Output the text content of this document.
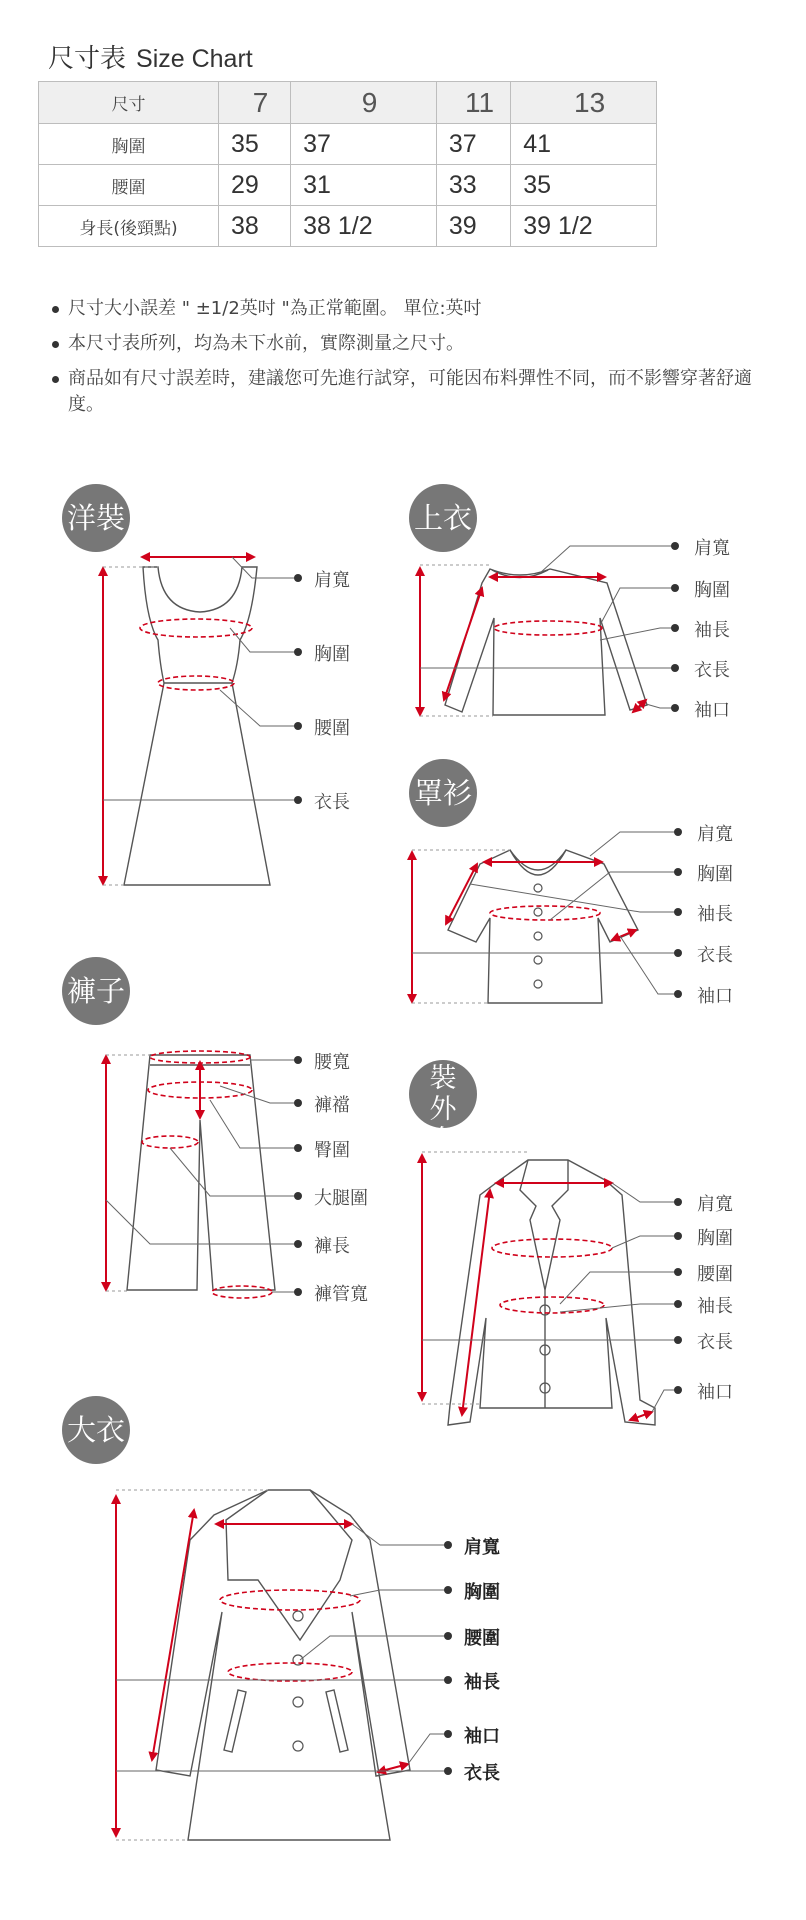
尺寸表 Size Chart
尺寸	7	9	11	13
胸圍	35	37	37	41
腰圍	29	31	33	35
身長(後頸點)	38	38 1/2	39	39 1/2
尺寸大小誤差 " ±1/2英吋 "為正常範圍。 單位:英吋
本尺寸表所列，均為未下水前，實際測量之尺寸。
商品如有尺寸誤差時，建議您可先進行試穿，可能因布料彈性不同，而不影響穿著舒適度。
洋裝	上衣
罩衫
褲子
西裝外套
大衣
肩寬
胸圍
腰圍
衣長
肩寬
胸圍
袖長
衣長
袖口
肩寬
胸圍
袖長
衣長
袖口
腰寬
褲襠
臀圍
大腿圍
褲長
褲管寬
肩寬
胸圍
腰圍
袖長
衣長
袖口
肩寬
胸圍
腰圍
袖長
袖口
衣長
